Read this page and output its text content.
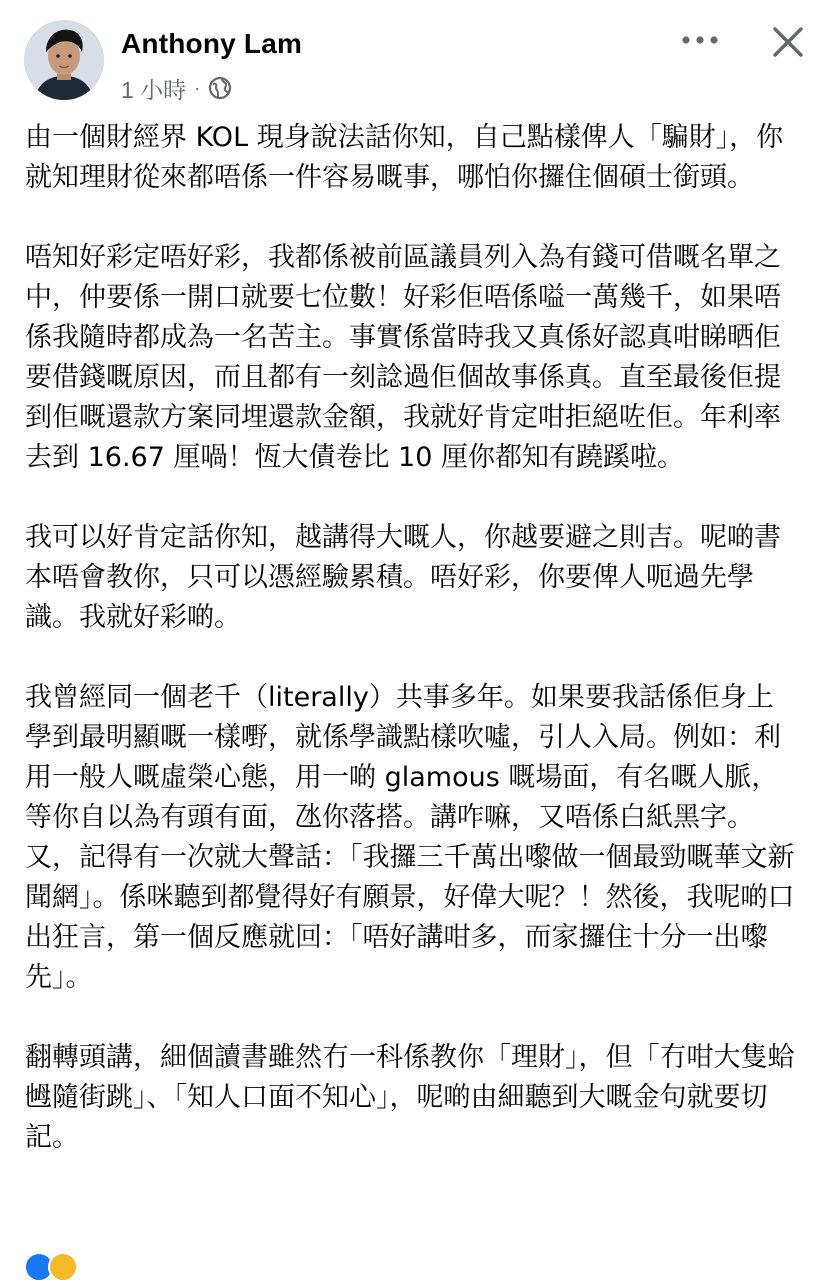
Anthony Lam
1 小時 ·

由一個財經界 KOL 現身說法話你知，自己點樣俾人「騙財」，你就知理財從來都唔係一件容易嘅事，哪怕你攞住個碩士銜頭。

唔知好彩定唔好彩，我都係被前區議員列入為有錢可借嘅名單之中，仲要係一開口就要七位數！好彩佢唔係嗌一萬幾千，如果唔係我隨時都成為一名苦主。事實係當時我又真係好認真咁睇晒佢要借錢嘅原因，而且都有一刻諗過佢個故事係真。直至最後佢提到佢嘅還款方案同埋還款金額，我就好肯定咁拒絕咗佢。年利率去到 16.67 厘喎！恆大債卷比 10 厘你都知有蹺蹊啦。

我可以好肯定話你知，越講得大嘅人，你越要避之則吉。呢啲書本唔會教你，只可以憑經驗累積。唔好彩，你要俾人呃過先學識。我就好彩啲。

我曾經同一個老千（literally）共事多年。如果要我話係佢身上學到最明顯嘅一樣嘢，就係學識點樣吹噓，引人入局。例如：利用一般人嘅虛榮心態，用一啲 glamous 嘅場面，有名嘅人脈，等你自以為有頭有面，氹你落搭。講咋嘛，又唔係白紙黑字。又，記得有一次就大聲話：「我攞三千萬出嚟做一個最勁嘅華文新聞網」。係咪聽到都覺得好有願景，好偉大呢？！然後，我呢啲口出狂言，第一個反應就回：「唔好講咁多，而家攞住十分一出嚟先」。

翻轉頭講，細個讀書雖然冇一科係教你「理財」，但「冇咁大隻蛤乸隨街跳」、「知人口面不知心」，呢啲由細聽到大嘅金句就要切記。
